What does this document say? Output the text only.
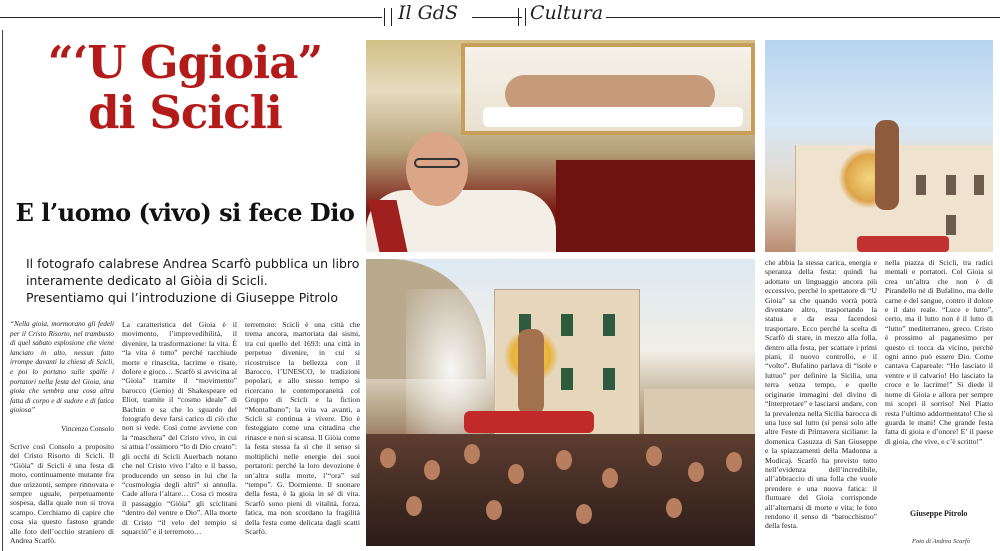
Il GdS	Cultura
“‘U Ggioia”
di Scicli
E l’uomo (vivo) si fece Dio
Il fotografo calabrese Andrea Scarfò pubblica un libro
interamente dedicato al Giòia di Scicli.
Presentiamo qui l’introduzione di Giuseppe Pitrolo
“Nella gioia, mormorano gli fedeli per il Cristo Risorto, nel trambusto di quel sabato esplosione che viene lanciato in alto, nessun fatto irrompe davanti la chiesa di Scicli, e poi lo portano sulle spalle i portatori nella festa del Gioia, una gioia che sembra una cosa altra fatta di corpo e di sudore e di fatica gioiosa”
Vincenzo Consolo
Scrive così Consolo a proposito del Cristo Risorto di Scicli. Il “Giòia” di Scicli è una festa di moto, continuamente mutante fra due orizzonti, sempre rinnovata e sempre uguale, perpetuamente sospesa, dalla quale non si trova scampo. Cerchiamo di capire che cosa sia questo fastoso grande alle foto dell’occhio straniero di Andrea Scarfò.
La caratteristica del Gioia è il movimento, l’imprevedibilità, il divenire, la trasformazione: la vita. È “la vita è tutto” perché racchiude morte e rinascita, lacrime e risate, dolore e gioco… Scarfò si avvicina al “Gioia” tramite il “movimento” barocco (Genio) di Shakespeare ed Eliot, tramite il “cosmo ideale” di Bachtin e sa che lo sguardo del fotografo deve farsi carico di ciò che non si vede. Così come avviene con la “maschera” del Cristo vivo, in cui si attua l’ossimoro “Io di Dio creato”: gli occhi di Scicli Auerbach notano che nel Cristo vivo l’alto e il basso, producendo un senso in lui che la “cosmologia degli altri” si annulla. Cade allora l’altare… Cosa ci mostra il passaggio “Giòia” gli sciclitani “dentro del ventre e Dio”. Alla morte di Cristo “il velo del tempio si squarciò” e il terremoto…
terremoto: Scicli è una città che trema ancora, martoriata dai sismi, tra cui quello del 1693: una città in perpetuo divenire, in cui si ricostruisce la bellezza con il Barocco, l’UNESCO, le tradizioni popolari, e allo stesso tempo si ricercano le contemporaneità col Gruppo di Scicli e la fiction “Montalbano”; la vita va avanti, a Scicli si continua a vivere. Dio è festeggiato come una cittadina che rinasce e non si scansa. Il Giòia come la festa stessa fa sì che il senso si moltiplichi nelle energie dei suoi portatori: perché la loro devozione è un’altra sulla morte, l’“ora” sul “tempo”. G. Dormiente. Il suonare della festa, è la gioia in sé di vita. Scarfò sono pieni di vitalità, forza, fatica, ma non scordano la fragilità della festa come delicata dagli scatti Scarfò.
che abbia la stessa carica, energia e speranza della festa: quindi ha adottato un linguaggio ancora più eccessivo, perché lo spettatore di “U Gioia” sa che quando vorrà potrà diventare altro, trasportando la statua e da essa facendosi trasportare. Ecco perché la scelta di Scarfò di stare, in mezzo alla folla, dentro alla festa, per scattare i primi piani, il nuovo controllo, e il “volto”. Bufalino parlava di “isole e luttuo” per definire la Sicilia, una terra senza tempo, e quelle originarie immagini del divino di “Interpretare” e lasciarsi andare, con la prevalenza nella Sicilia barocca di una luce sul lutto (si pensi solo alle altre Feste di Primavera siciliane: la domenica Casuzza di San Giuseppe e la spiazzamenti della Madonna a Modica). Scarfò ha previsto tutto nell’evidenza dell’incredibile, all’abbraccio di una folla che vuole prendere e una nuova fatica: il fluttuare del Gioia corrisponde all’alternarsi di morte e vita; le foto rendono il senso di “barocchismo” della festa.
nella piazza di Scicli, tra radici mentali e portatori. Col Gioia si crea un’altra che non è di Pirandello né di Bufalino, ma delle carne e del sangue, contro il dolore e il dato reale. “Luce e lutto”, certo, ma il lutto non è il lutto di “lutto” mediterraneo, greco. Cristo è prossimo al paganesimo per questo ci tocca da vicino, perché ogni anno può essere Dio. Come cantava Capareale: “Ho lasciato il ventre e il calvario! Ho lasciato la croce e le lacrime!” Si diede il nome di Gioia e allora per sempre mi scopri il sorriso! Nel Piatto resta l’ultimo addormentato! Che si guarda le mani! Che grande festa fatta di gioia e d’onore! E’ il paese di gioia, che vive, e c’è scritto!”
Giuseppe Pitrolo
Foto di Andrea Scarfò
